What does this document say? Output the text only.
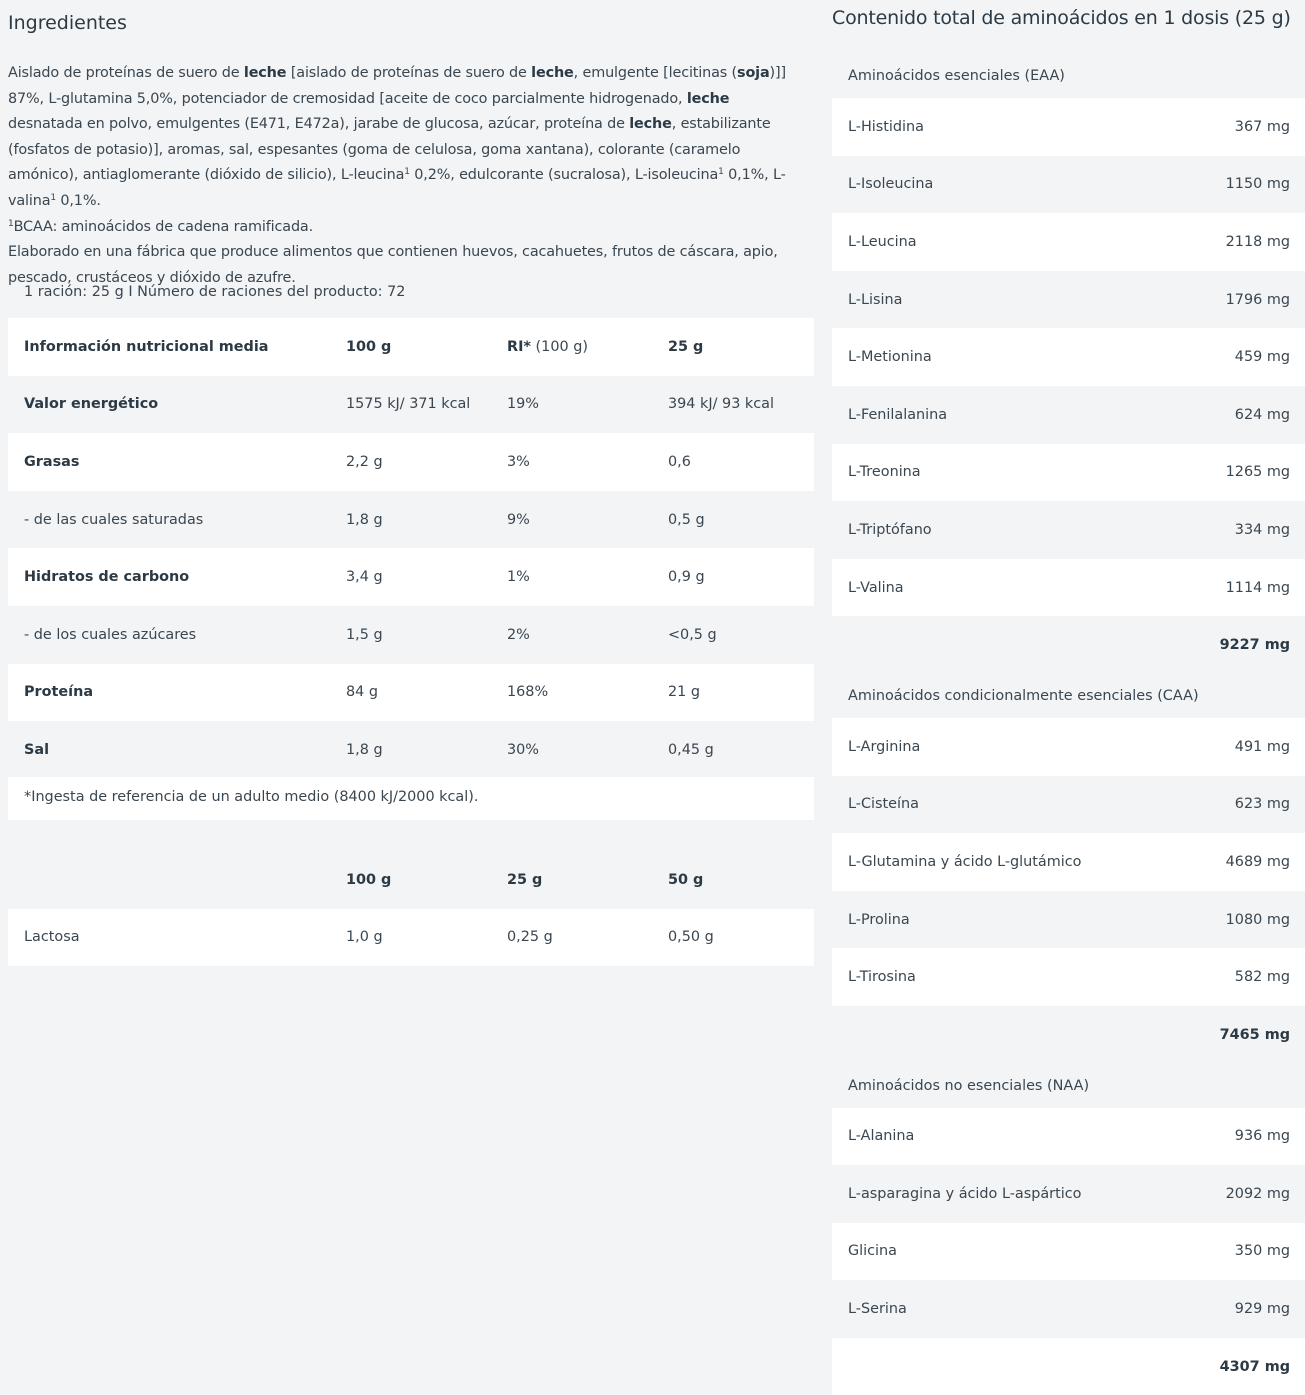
Ingredientes

Aislado de proteínas de suero de leche [aislado de proteínas de suero de leche, emulgente [lecitinas (soja)]] 87%, L-glutamina 5,0%, potenciador de cremosidad [aceite de coco parcialmente hidrogenado, leche desnatada en polvo, emulgentes (E471, E472a), jarabe de glucosa, azúcar, proteína de leche, estabilizante (fosfatos de potasio)], aromas, sal, espesantes (goma de celulosa, goma xantana), colorante (caramelo amónico), antiaglomerante (dióxido de silicio), L-leucina$^1$ 0,2%, edulcorante (sucralosa), L-isoleucina$^1$ 0,1%, L-valina$^1$ 0,1%.

$^1$BCAA: aminoácidos de cadena ramificada.

Elaborado en una fábrica que produce alimentos que contienen huevos, cacahuetes, frutos de cáscara, apio, pescado, crustáceos y dióxido de azufre.

1 ración: 25 g I Número de raciones del producto: 72
Información nutricional media	100 g	RI* (100 g)	25 g
Valor energético	1575 kJ/ 371 kcal	19%	394 kJ/ 93 kcal
Grasas	2,2 g	3%	0,6
- de las cuales saturadas	1,8 g	9%	0,5 g
Hidratos de carbono	3,4 g	1%	0,9 g
- de los cuales azúcares	1,5 g	2%	<0,5 g
Proteína	84 g	168%	21 g
Sal	1,8 g	30%	0,45 g
*Ingesta de referencia de un adulto medio (8400 kJ/2000 kcal).
	100 g	25 g	50 g
Lactosa	1,0 g	0,25 g	0,50 g
Contenido total de aminoácidos en 1 dosis (25 g)
Aminoácidos esenciales (EAA)	
L-Histidina	367 mg
L-Isoleucina	1150 mg
L-Leucina	2118 mg
L-Lisina	1796 mg
L-Metionina	459 mg
L-Fenilalanina	624 mg
L-Treonina	1265 mg
L-Triptófano	334 mg
L-Valina	1114 mg
	9227 mg
Aminoácidos condicionalmente esenciales (CAA)	
L-Arginina	491 mg
L-Cisteína	623 mg
L-Glutamina y ácido L-glutámico	4689 mg
L-Prolina	1080 mg
L-Tirosina	582 mg
	7465 mg
Aminoácidos no esenciales (NAA)	
L-Alanina	936 mg
L-asparagina y ácido L-aspártico	2092 mg
Glicina	350 mg
L-Serina	929 mg
	4307 mg
